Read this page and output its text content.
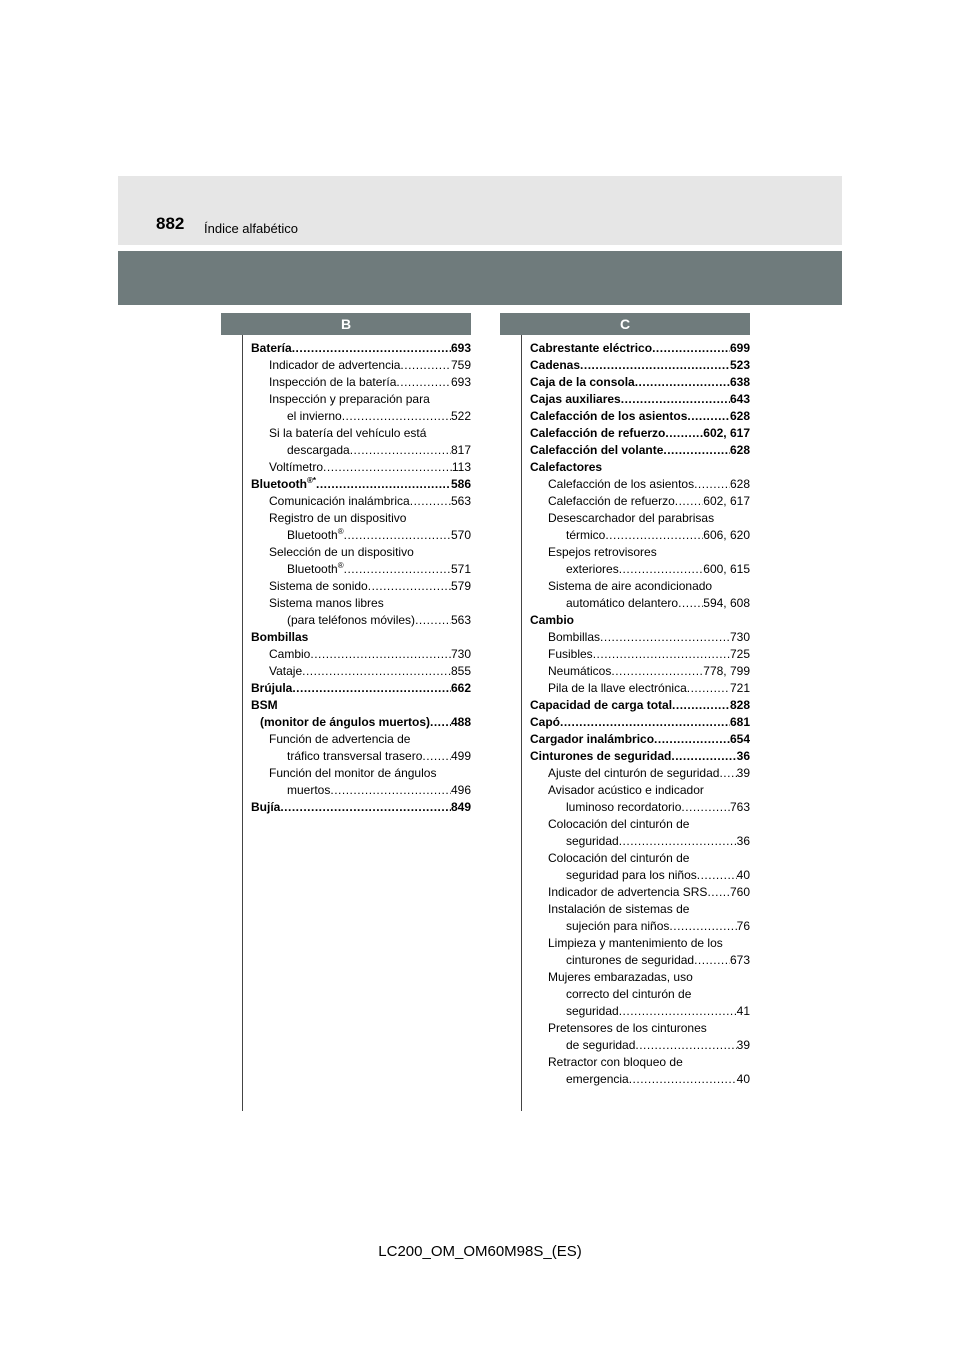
882 Índice alfabético
B	C
Batería .....	693
Indicador de advertencia .....	759
Inspección de la batería .....	693
Inspección y preparación para
el invierno .....	522
Si la batería del vehículo está
descargada .....	817
Voltímetro .....	113
Bluetooth®* .....	586
Comunicación inalámbrica .....	563
Registro de un dispositivo
Bluetooth® .....	570
Selección de un dispositivo
Bluetooth® .....	571
Sistema de sonido .....	579
Sistema manos libres
(para teléfonos móviles) .....	563
Bombillas
Cambio .....	730
Vataje .....	855
Brújula .....	662
BSM
(monitor de ángulos muertos) ..... 488
Función de advertencia de
tráfico transversal trasero ..... 499
Función del monitor de ángulos
muertos .....	496
Bujía .....	849
Cabrestante eléctrico .....	699
Cadenas .....	523
Caja de la consola .....	638
Cajas auxiliares .....	643
Calefacción de los asientos .....	628
Calefacción de refuerzo .....	602, 617
Calefacción del volante .....	628
Calefactores
Calefacción de los asientos .....	628
Calefacción de refuerzo ..... 602, 617
Desescarchador del parabrisas
térmico .....	606, 620
Espejos retrovisores
exteriores .....	600, 615
Sistema de aire acondicionado
automático delantero ..... 594, 608
Cambio
Bombillas .....	730
Fusibles .....	725
Neumáticos .....	778, 799
Pila de la llave electrónica .....	721
Capacidad de carga total .....	828
Capó .....	681
Cargador inalámbrico .....	654
Cinturones de seguridad .....	36
Ajuste del cinturón de seguridad ..... 39
Avisador acústico e indicador
luminoso recordatorio .....	763
Colocación del cinturón de
seguridad .....	36
Colocación del cinturón de
seguridad para los niños .....	40
Indicador de advertencia SRS ..... 760
Instalación de sistemas de
sujeción para niños .....	76
Limpieza y mantenimiento de los
cinturones de seguridad .....	673
Mujeres embarazadas, uso
correcto del cinturón de
seguridad .....	41
Pretensores de los cinturones
de seguridad .....	39
Retractor con bloqueo de
emergencia .....	40
LC200_OM_OM60M98S_(ES)
